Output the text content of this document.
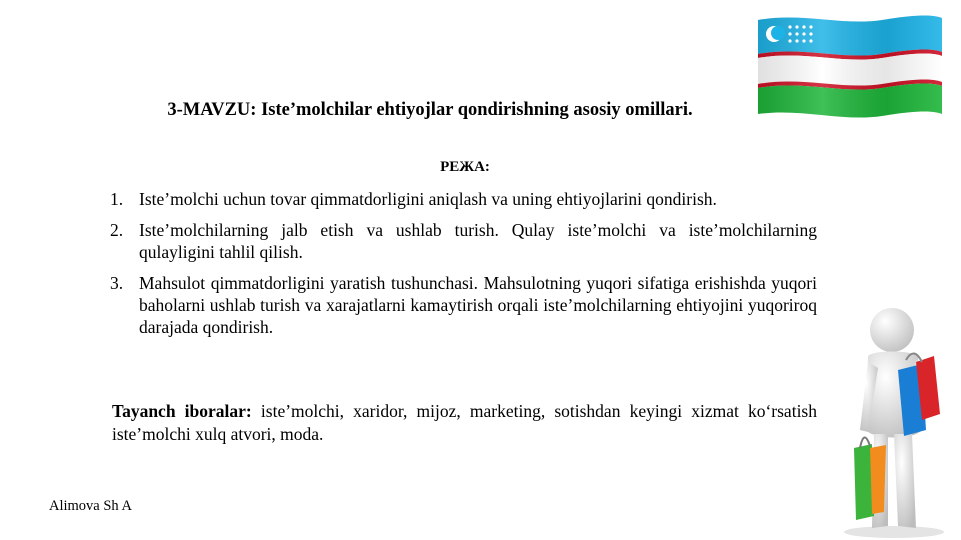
3-MAVZU: Iste’molchilar ehtiyojlar qondirishning asosiy omillari.
РЕЖА:
1. Iste’molchi uchun tovar qimmatdorligini aniqlash va uning ehtiyojlarini qondirish.
2. Iste’molchilarning jalb etish va ushlab turish. Qulay iste’molchi va iste’molchilarning qulayligini tahlil qilish.
3. Mahsulot qimmatdorligini yaratish tushunchasi. Mahsulotning yuqori sifatiga erishishda yuqori baholarni ushlab turish va xarajatlarni kamaytirish orqali iste’molchilarning ehtiyojini yuqoriroq darajada qondirish.
Tayanch iboralar: iste’molchi, xaridor, mijoz, marketing, sotishdan keyingi xizmat ko‘rsatish iste’molchi xulq atvori, moda.
Alimova Sh A
